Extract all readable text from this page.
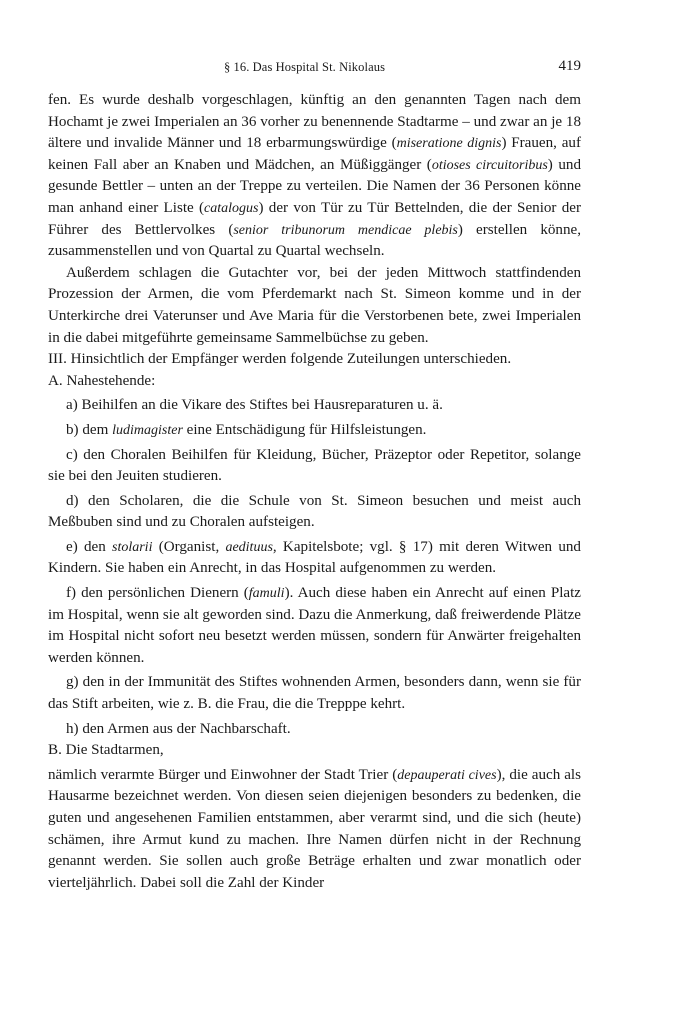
§ 16. Das Hospital St. Nikolaus	419

fen. Es wurde deshalb vorgeschlagen, künftig an den genannten Tagen nach dem Hochamt je zwei Imperialen an 36 vorher zu benennende Stadtarme – und zwar an je 18 ältere und invalide Männer und 18 erbarmungswürdige (miseratione dignis) Frauen, auf keinen Fall aber an Knaben und Mädchen, an Müßiggänger (otioses circuitoribus) und gesunde Bettler – unten an der Treppe zu verteilen. Die Namen der 36 Personen könne man anhand einer Liste (catalogus) der von Tür zu Tür Bettelnden, die der Senior der Führer des Bettlervolkes (senior tribunorum mendicae plebis) erstellen könne, zusammenstellen und von Quartal zu Quartal wechseln.

Außerdem schlagen die Gutachter vor, bei der jeden Mittwoch stattfindenden Prozession der Armen, die vom Pferdemarkt nach St. Simeon komme und in der Unterkirche drei Vaterunser und Ave Maria für die Verstorbenen bete, zwei Imperialen in die dabei mitgeführte gemeinsame Sammelbüchse zu geben.

III. Hinsichtlich der Empfänger werden folgende Zuteilungen unterschieden.

A. Nahestehende:

a) Beihilfen an die Vikare des Stiftes bei Hausreparaturen u. ä.

b) dem ludimagister eine Entschädigung für Hilfsleistungen.

c) den Choralen Beihilfen für Kleidung, Bücher, Präzeptor oder Repetitor, solange sie bei den Jeuiten studieren.

d) den Scholaren, die die Schule von St. Simeon besuchen und meist auch Meßbuben sind und zu Choralen aufsteigen.

e) den stolarii (Organist, aedituus, Kapitelsbote; vgl. § 17) mit deren Witwen und Kindern. Sie haben ein Anrecht, in das Hospital aufgenommen zu werden.

f) den persönlichen Dienern (famuli). Auch diese haben ein Anrecht auf einen Platz im Hospital, wenn sie alt geworden sind. Dazu die Anmerkung, daß freiwerdende Plätze im Hospital nicht sofort neu besetzt werden müssen, sondern für Anwärter freigehalten werden können.

g) den in der Immunität des Stiftes wohnenden Armen, besonders dann, wenn sie für das Stift arbeiten, wie z. B. die Frau, die die Trepppe kehrt.

h) den Armen aus der Nachbarschaft.

B. Die Stadtarmen,

nämlich verarmte Bürger und Einwohner der Stadt Trier (depauperati cives), die auch als Hausarme bezeichnet werden. Von diesen seien diejenigen besonders zu bedenken, die guten und angesehenen Familien entstammen, aber verarmt sind, und die sich (heute) schämen, ihre Armut kund zu machen. Ihre Namen dürfen nicht in der Rechnung genannt werden. Sie sollen auch große Beträge erhalten und zwar monatlich oder vierteljährlich. Dabei soll die Zahl der Kinder
